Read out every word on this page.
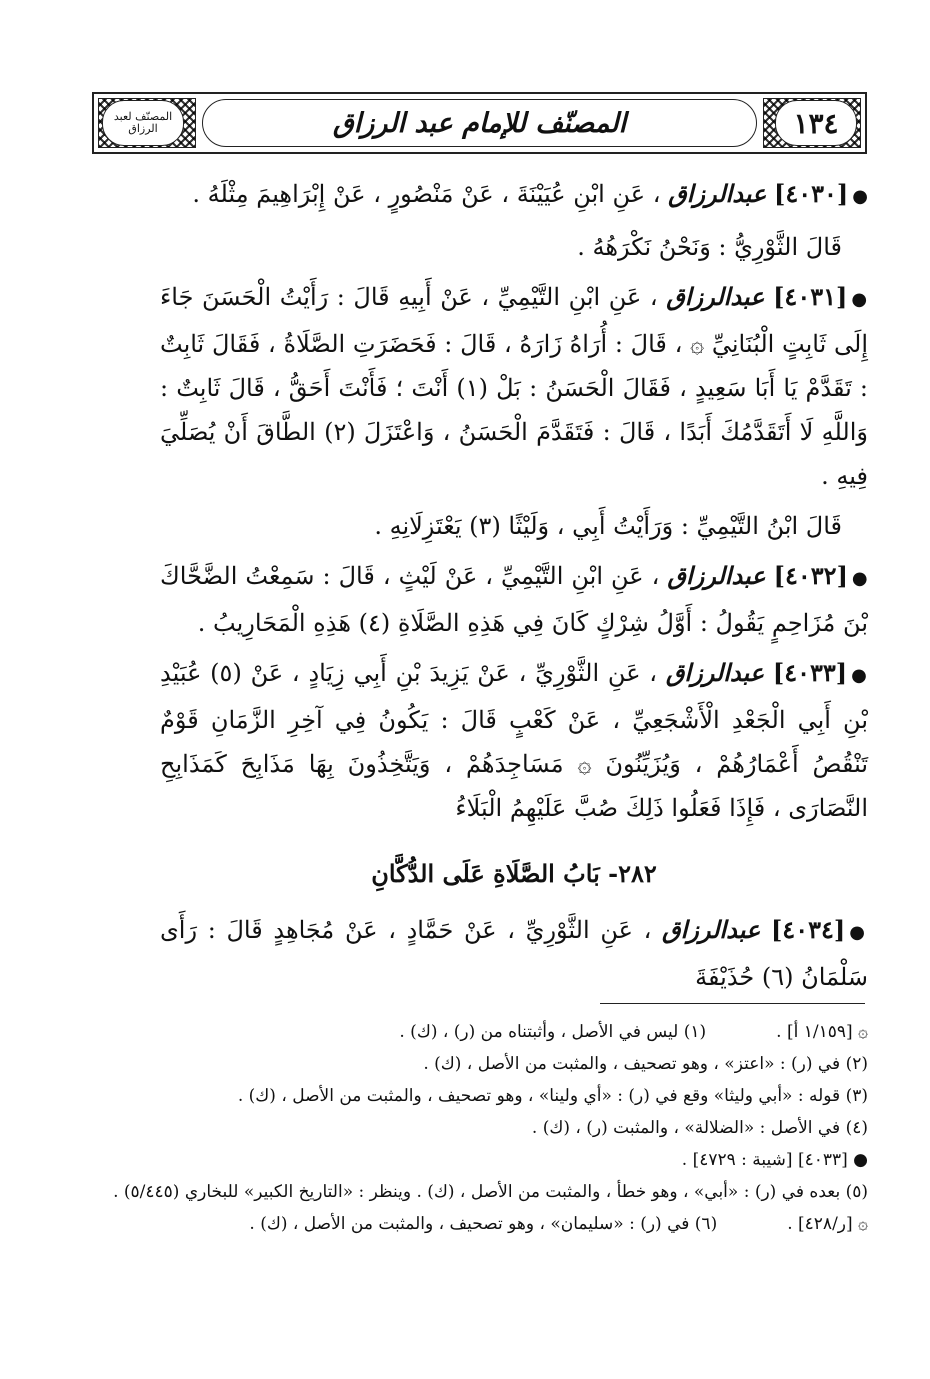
المصنّف لعبد الرزاق	المصنّف للإمام عبد الرزاق	١٣٤

●[٤٠٣٠] عبدالرزاق ، عَنِ ابْنِ عُيَيْنَةَ ، عَنْ مَنْصُورٍ ، عَنْ إِبْرَاهِيمَ مِثْلَهُ .

قَالَ الثَّوْرِيُّ : وَنَحْنُ نَكْرَهُهُ .

●[٤٠٣١] عبدالرزاق ، عَنِ ابْنِ التَّيْمِيِّ ، عَنْ أَبِيهِ قَالَ : رَأَيْتُ الْحَسَنَ جَاءَ إِلَى ثَابِتٍ الْبُنَانِيِّ ۞ ، قَالَ : أُرَاهُ زَارَهُ ، قَالَ : فَحَضَرَتِ الصَّلَاةُ ، فَقَالَ ثَابِتٌ : تَقَدَّمْ يَا أَبَا سَعِيدٍ ، فَقَالَ الْحَسَنُ : بَلْ (١) أَنْتَ ؛ فَأَنْتَ أَحَقُّ ، قَالَ ثَابِتٌ : وَاللَّهِ لَا أَتَقَدَّمُكَ أَبَدًا ، قَالَ : فَتَقَدَّمَ الْحَسَنُ ، وَاعْتَزَلَ (٢) الطَّاقَ أَنْ يُصَلِّيَ فِيهِ .

قَالَ ابْنُ التَّيْمِيِّ : وَرَأَيْتُ أَبِي ، وَلَيْثًا (٣) يَعْتَزِلَانِهِ .

●[٤٠٣٢] عبدالرزاق ، عَنِ ابْنِ التَّيْمِيِّ ، عَنْ لَيْثٍ ، قَالَ : سَمِعْتُ الضَّحَّاكَ بْنَ مُزَاحِمٍ يَقُولُ : أَوَّلُ شِرْكٍ كَانَ فِي هَذِهِ الصَّلَاةِ (٤) هَذِهِ الْمَحَارِيبُ .

●[٤٠٣٣] عبدالرزاق ، عَنِ الثَّوْرِيِّ ، عَنْ يَزِيدَ بْنِ أَبِي زِيَادٍ ، عَنْ (٥) عُبَيْدِ بْنِ أَبِي الْجَعْدِ الْأَشْجَعِيِّ ، عَنْ كَعْبٍ قَالَ : يَكُونُ فِي آخِرِ الزَّمَانِ قَوْمٌ تَنْقُصُ أَعْمَارُهُمْ ، وَيُزَيِّنُونَ ۞ مَسَاجِدَهُمْ ، وَيَتَّخِذُونَ بِهَا مَذَابِحَ كَمَذَابِحِ النَّصَارَى ، فَإِذَا فَعَلُوا ذَلِكَ صُبَّ عَلَيْهِمُ الْبَلَاءُ

٢٨٢- بَابُ الصَّلَاةِ عَلَى الدُّكَّانِ

●[٤٠٣٤] عبدالرزاق ، عَنِ الثَّوْرِيِّ ، عَنْ حَمَّادٍ ، عَنْ مُجَاهِدٍ قَالَ : رَأَى سَلْمَانُ (٦) حُذَيْفَةَ

۞ [١/١٥٩ أ] .
(١) ليس في الأصل ، وأثبتناه من (ر) ، (ك) .

(٢) في (ر) : «اعتز» ، وهو تصحيف ، والمثبت من الأصل ، (ك) .

(٣) قوله : «أبي وليثا» وقع في (ر) : «أي ولينا» ، وهو تصحيف ، والمثبت من الأصل ، (ك) .

(٤) في الأصل : «الضلالة» ، والمثبت (ر) ، (ك) .

● [٤٠٣٣] [شيبة : ٤٧٢٩] .

(٥) بعده في (ر) : «أبي» ، وهو خطأ ، والمثبت من الأصل ، (ك) . وينظر : «التاريخ الكبير» للبخاري (٥/٤٤٥) .

۞ [ر/٤٢٨] .
(٦) في (ر) : «سليمان» ، وهو تصحيف ، والمثبت من الأصل ، (ك) .
